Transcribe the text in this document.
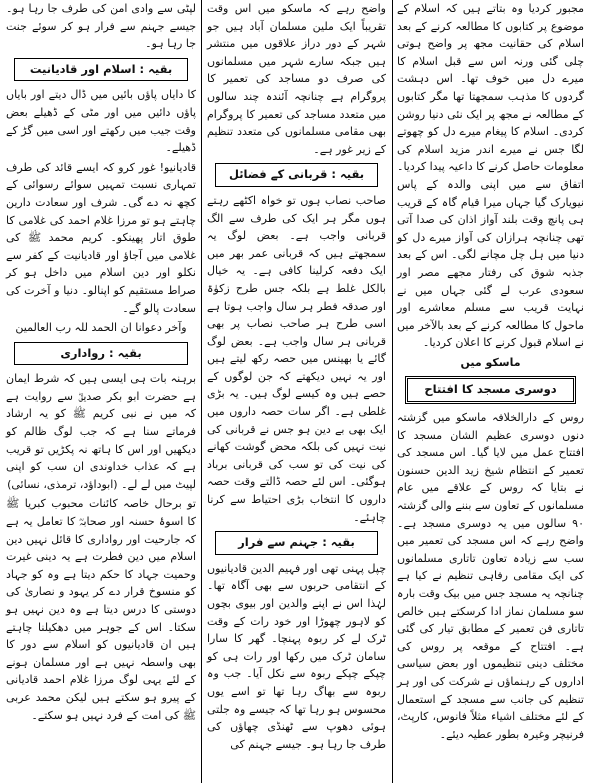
مجبور کردیا وہ بتاتے ہیں کہ اسلام کے موضوع پر کتابوں کا مطالعہ کرنے کے بعد اسلام کی حقانیت مجھ پر واضح ہوتی چلی گئی ورنہ اس سے قبل اسلام کا میرے دل میں خوف تھا۔ اس دہشت گردوں کا مذہب سمجھتا تھا مگر کتابوں کے مطالعہ نے مجھ پر ایک نئی دنیا روشن کردی۔ اسلام کا پیغام میرے دل کو چھوتے لگا جس نے میرے اندر مزید اسلام کی معلومات حاصل کرنے کا داعیہ پیدا کردیا۔ اتفاق سے میں اپنی والدہ کے پاس نیویارک گیا جہاں میرا قیام گاہ کے قریب ہی پانچ وقت بلند آواز اذان کی صدا آتی تھی چنانچہ ہرازان کی آواز میرے دل کو دنیا میں ہل چل مچانے لگی۔ اس کے بعد جذبہ شوق کی رفتار مجھے مصر اور سعودی عرب لے گئی جہاں میں نے نہایت قریب سے مسلم معاشرے اور ماحول کا مطالعہ کرنے کے بعد بالآخر میں نے اسلام قبول کرنے کا اعلان کردیا۔

ماسکو میں

دوسری مسجد کا افتتاح

روس کے دارالخلافہ ماسکو میں گزشتہ دنوں دوسری عظیم الشان مسجد کا افتتاح عمل میں لایا گیا۔ اس مسجد کی تعمیر کے انتظام شیخ زید الدین حسنون نے بتایا کہ روس کے علاقے میں عام مسلمانوں کے تعاون سے بننے والی گزشتہ ۹۰ سالوں میں یہ دوسری مسجد ہے۔ واضح رہے کہ اس مسجد کی تعمیر میں سب سے زیادہ تعاون تاتاری مسلمانوں کی ایک مقامی رفاہی تنظیم نے کیا ہے چنانچہ یہ مسجد جس میں بیک وقت بارہ سو مسلمان نماز ادا کرسکتے ہیں خالص تاتاری فن تعمیر کے مطابق تیار کی گئی ہے۔ افتتاح کے موقعہ پر روس کی مختلف دینی تنظیموں اور بعض سیاسی اداروں کے رہنماؤں نے شرکت کی اور ہر تنظیم کی جانب سے مسجد کے استعمال کے لئے مختلف اشیاء مثلاً فانوس، کارپٹ، فرنیچر وغیرہ بطور عطیہ دیئے۔

واضح رہے کہ ماسکو میں اس وقت تقریباً ایک ملین مسلمان آباد ہیں جو شہر کے دور دراز علاقوں میں منتشر ہیں جبکہ سارے شہر میں مسلمانوں کی صرف دو مساجد کی تعمیر کا پروگرام ہے چنانچہ آئندہ چند سالوں میں متعدد مساجد کی تعمیر کا پروگرام بھی مقامی مسلمانوں کی متعدد تنظیم کے زیر غور ہے۔

بقیہ : قربانی کے فضائل

صاحب نصاب ہوں تو خواہ اکٹھے رہتے ہوں مگر ہر ایک کی طرف سے الگ قربانی واجب ہے۔ بعض لوگ یہ سمجھتے ہیں کہ قربانی عمر بھر میں ایک دفعہ کرلینا کافی ہے۔ یہ خیال بالکل غلط ہے بلکہ جس طرح زکوٰۃ اور صدقہ فطر ہر سال واجب ہوتا ہے اسی طرح ہر صاحب نصاب پر بھی قربانی ہر سال واجب ہے۔ بعض لوگ گائے یا بھینس میں حصہ رکھ لیتے ہیں اور یہ نہیں دیکھتے کہ جن لوگوں کے حصے ہیں وہ کیسے لوگ ہیں۔ یہ بڑی غلطی ہے۔ اگر سات حصہ داروں میں ایک بھی بے دین ہو جس نے قربانی کی نیت نہیں کی بلکہ محض گوشت کھانے کی نیت کی تو سب کی قربانی برباد ہوگئی۔ اس لئے حصہ ڈالتے وقت حصہ داروں کا انتخاب بڑی احتیاط سے کرنا چاہئے۔

بقیہ : جہنم سے فرار

چپل پہنی تھی اور فہیم الدین قادیانیوں کے انتقامی حربوں سے بھی آگاہ تھا۔ لہٰذا اس نے اپنے والدین اور بیوی بچوں کو لاہور چھوڑا اور خود رات کے وقت ٹرک لے کر ربوہ پہنچا۔ گھر کا سارا سامان ٹرک میں رکھا اور رات ہی کو چپکے چپکے ربوہ سے نکل آیا۔ جب وہ ربوہ سے بھاگ رہا تھا تو اسے یوں محسوس ہو رہا تھا کہ جیسے وہ جلتی ہوئی دھوپ سے ٹھنڈی چھاؤں کی طرف جا رہا ہو۔ جیسے جہنم کی

لپٹی سے وادی امن کی طرف جا رہا ہو۔ جیسے جہنم سے فرار ہو کر سوئے جنت جا رہا ہو۔

بقیہ : اسلام اور قادیانیت

کا دایاں پاؤں بائیں میں ڈال دیتے اور بایاں پاؤں دائیں میں اور مٹی کے ڈھیلے بعض وقت جیب میں رکھتے اور اسی میں گڑ کے ڈھیلے۔

قادیانیو! غور کرو کہ ایسے قائد کی طرف تمہاری نسبت تمہیں سوائے رسوائی کے کچھ نہ دے گی۔ شرف اور سعادت دارین چاہتے ہو تو مرزا غلام احمد کی غلامی کا طوق اتار پھینکو۔ کریم محمد ﷺ کی غلامی میں آجاؤ اور قادیانیت کے کفر سے نکلو اور دین اسلام میں داخل ہو کر صراط مستقیم کو اپنالو۔ دنیا و آخرت کی سعادت پالو گے۔

وآخر دعوانا ان الحمد للہ رب العالمین

بقیہ : رواداری

برہنہ بات ہی ایسی ہیں کہ شرط ایمان ہے حضرت ابو بکر صدیقؓ سے روایت ہے کہ میں نے نبی کریم ﷺ کو یہ ارشاد فرماتے سنا ہے کہ جب لوگ ظالم کو دیکھیں اور اس کا ہاتھ نہ پکڑیں تو قریب ہے کہ عذاب خداوندی ان سب کو اپنی لپیٹ میں لے لے۔ (ابوداؤد، ترمذی، نسائی)

تو برحال خاصہ کائنات محبوب کبریا ﷺ کا اسوۂ حسنہ اور صحابہؓ کا تعامل یہ ہے کہ جارحیت اور رواداری کا قائل نہیں دین اسلام میں دین فطرت ہے یہ دینی غیرت وحمیت جہاد کا حکم دیتا ہے وہ کو جہاد کو منسوخ قرار دے کر یہود و نصاریٰ کی دوستی کا درس دیتا ہے وہ دین نہیں ہو سکتا۔ اس کے جوہر میں دھکیلنا چاہتے ہیں ان قادیانیوں کو اسلام سے دور کا بھی واسطہ نہیں ہے اور مسلمان ہونے کے لئے یہی لوگ مرزا غلام احمد قادیانی کے پیرو ہو سکتے ہیں لیکن محمد عربی ﷺ کی امت کے فرد نہیں ہو سکتے۔
